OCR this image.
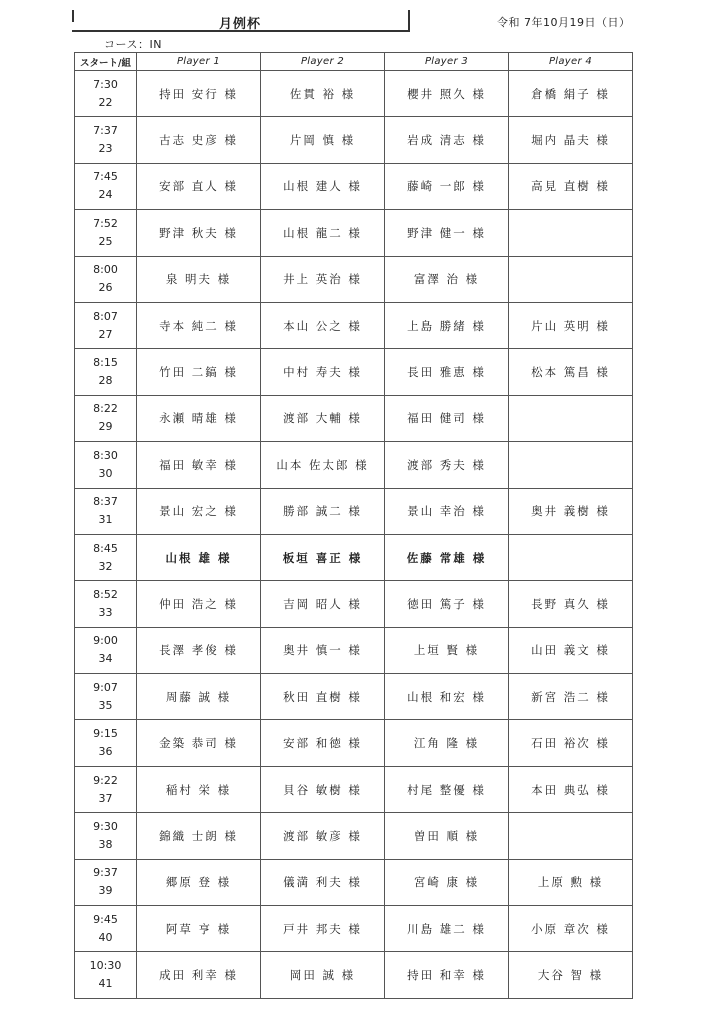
月例杯	令和 7年10月19日（日）
コース：IN
スタート/組	Player 1	Player 2	Player 3	Player 4

7:30
22	持田 安行 様	佐貫 裕 様	櫻井 照久 様	倉橋 絹子 様

7:37
23	古志 史彦 様	片岡 慎 様	岩成 清志 様	堀内 晶夫 様

7:45
24	安部 直人 様	山根 建人 様	藤崎 一郎 様	高見 直樹 様

7:52
25	野津 秋夫 様	山根 龍二 様	野津 健一 様	

8:00
26	泉 明夫 様	井上 英治 様	富澤 治 様	

8:07
27	寺本 純二 様	本山 公之 様	上島 勝緒 様	片山 英明 様

8:15
28	竹田 二鎬 様	中村 寿夫 様	長田 雅恵 様	松本 篤昌 様

8:22
29	永瀬 晴雄 様	渡部 大輔 様	福田 健司 様	

8:30
30	福田 敏幸 様	山本 佐太郎 様	渡部 秀夫 様	

8:37
31	景山 宏之 様	勝部 誠二 様	景山 幸治 様	奥井 義樹 様

8:45
32	山根 雄 様	板垣 喜正 様	佐藤 常雄 様	

8:52
33	仲田 浩之 様	吉岡 昭人 様	徳田 篤子 様	長野 真久 様

9:00
34	長澤 孝俊 様	奥井 慎一 様	上垣 賢 様	山田 義文 様

9:07
35	周藤 誠 様	秋田 直樹 様	山根 和宏 様	新宮 浩二 様

9:15
36	金築 恭司 様	安部 和徳 様	江角 隆 様	石田 裕次 様

9:22
37	稲村 栄 様	貝谷 敏樹 様	村尾 整優 様	本田 典弘 様

9:30
38	錦織 士朗 様	渡部 敏彦 様	曽田 順 様	

9:37
39	郷原 登 様	儀満 利夫 様	宮崎 康 様	上原 勲 様

9:45
40	阿草 亨 様	戸井 邦夫 様	川島 雄二 様	小原 章次 様

10:30
41	成田 利幸 様	岡田 誠 様	持田 和幸 様	大谷 智 様
